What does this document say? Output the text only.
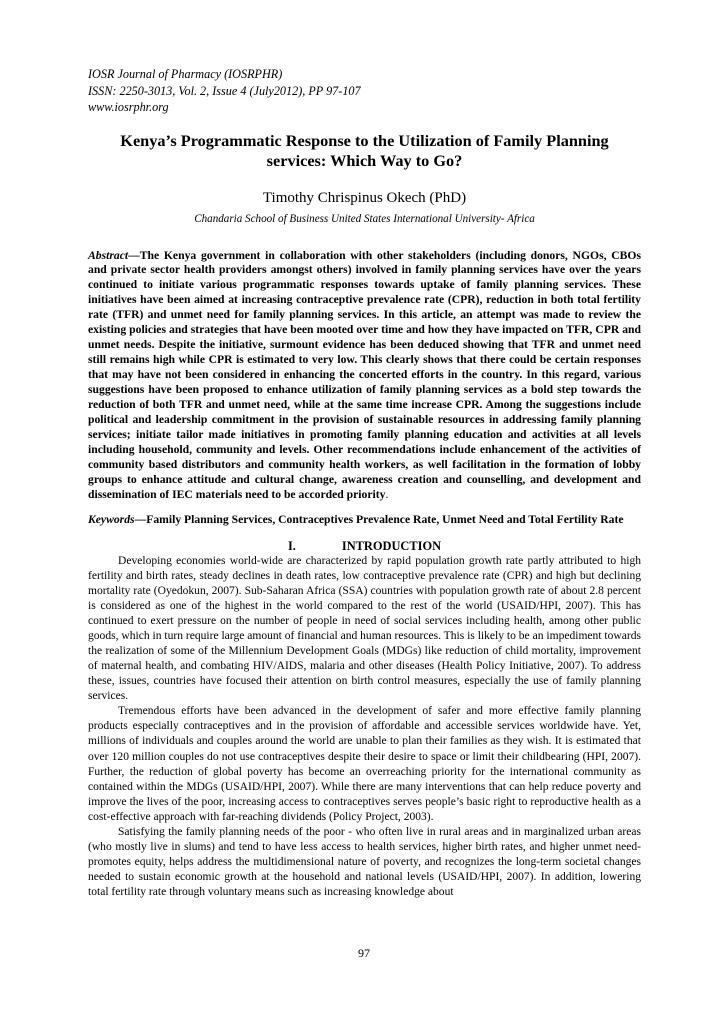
IOSR Journal of Pharmacy (IOSRPHR)
ISSN: 2250-3013, Vol. 2, Issue 4 (July2012), PP 97-107
www.iosrphr.org
Kenya’s Programmatic Response to the Utilization of Family Planning services: Which Way to Go?
Timothy Chrispinus Okech (PhD)
Chandaria School of Business United States International University- Africa
Abstract—The Kenya government in collaboration with other stakeholders (including donors, NGOs, CBOs and private sector health providers amongst others) involved in family planning services have over the years continued to initiate various programmatic responses towards uptake of family planning services. These initiatives have been aimed at increasing contraceptive prevalence rate (CPR), reduction in both total fertility rate (TFR) and unmet need for family planning services. In this article, an attempt was made to review the existing policies and strategies that have been mooted over time and how they have impacted on TFR, CPR and unmet needs. Despite the initiative, surmount evidence has been deduced showing that TFR and unmet need still remains high while CPR is estimated to very low. This clearly shows that there could be certain responses that may have not been considered in enhancing the concerted efforts in the country. In this regard, various suggestions have been proposed to enhance utilization of family planning services as a bold step towards the reduction of both TFR and unmet need, while at the same time increase CPR. Among the suggestions include political and leadership commitment in the provision of sustainable resources in addressing family planning services; initiate tailor made initiatives in promoting family planning education and activities at all levels including household, community and levels. Other recommendations include enhancement of the activities of community based distributors and community health workers, as well facilitation in the formation of lobby groups to enhance attitude and cultural change, awareness creation and counselling, and development and dissemination of IEC materials need to be accorded priority.
Keywords—Family Planning Services, Contraceptives Prevalence Rate, Unmet Need and Total Fertility Rate
I.	INTRODUCTION

Developing economies world-wide are characterized by rapid population growth rate partly attributed to high fertility and birth rates, steady declines in death rates, low contraceptive prevalence rate (CPR) and high but declining mortality rate (Oyedokun, 2007). Sub-Saharan Africa (SSA) countries with population growth rate of about 2.8 percent is considered as one of the highest in the world compared to the rest of the world (USAID/HPI, 2007). This has continued to exert pressure on the number of people in need of social services including health, among other public goods, which in turn require large amount of financial and human resources. This is likely to be an impediment towards the realization of some of the Millennium Development Goals (MDGs) like reduction of child mortality, improvement of maternal health, and combating HIV/AIDS, malaria and other diseases (Health Policy Initiative, 2007). To address these, issues, countries have focused their attention on birth control measures, especially the use of family planning services.

Tremendous efforts have been advanced in the development of safer and more effective family planning products especially contraceptives and in the provision of affordable and accessible services worldwide have. Yet, millions of individuals and couples around the world are unable to plan their families as they wish. It is estimated that over 120 million couples do not use contraceptives despite their desire to space or limit their childbearing (HPI, 2007). Further, the reduction of global poverty has become an overreaching priority for the international community as contained within the MDGs (USAID/HPI, 2007). While there are many interventions that can help reduce poverty and improve the lives of the poor, increasing access to contraceptives serves people’s basic right to reproductive health as a cost-effective approach with far-reaching dividends (Policy Project, 2003).

Satisfying the family planning needs of the poor - who often live in rural areas and in marginalized urban areas (who mostly live in slums) and tend to have less access to health services, higher birth rates, and higher unmet need-promotes equity, helps address the multidimensional nature of poverty, and recognizes the long-term societal changes needed to sustain economic growth at the household and national levels (USAID/HPI, 2007). In addition, lowering total fertility rate through voluntary means such as increasing knowledge about

97
